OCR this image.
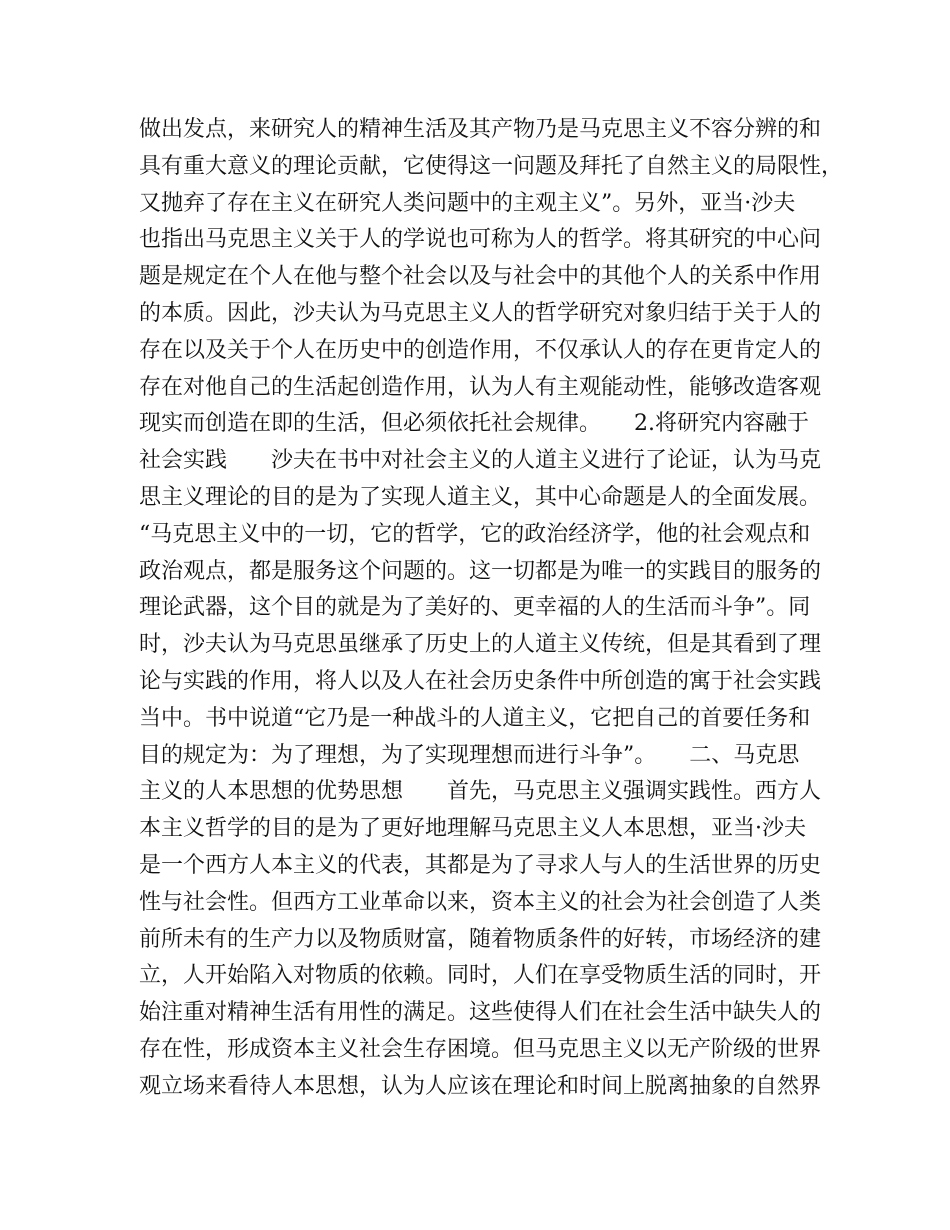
做出发点，来研究人的精神生活及其产物乃是马克思主义不容分辨的和
具有重大意义的理论贡献，它使得这一问题及拜托了自然主义的局限性，
又抛弃了存在主义在研究人类问题中的主观主义”。另外，亚当·沙夫
也指出马克思主义关于人的学说也可称为人的哲学。将其研究的中心问
题是规定在个人在他与整个社会以及与社会中的其他个人的关系中作用
的本质。因此，沙夫认为马克思主义人的哲学研究对象归结于关于人的
存在以及关于个人在历史中的创造作用，不仅承认人的存在更肯定人的
存在对他自己的生活起创造作用，认为人有主观能动性，能够改造客观
现实而创造在即的生活，但必须依托社会规律。　　2.将研究内容融于
社会实践　　沙夫在书中对社会主义的人道主义进行了论证，认为马克
思主义理论的目的是为了实现人道主义，其中心命题是人的全面发展。
“马克思主义中的一切，它的哲学，它的政治经济学，他的社会观点和
政治观点，都是服务这个问题的。这一切都是为唯一的实践目的服务的
理论武器，这个目的就是为了美好的、更幸福的人的生活而斗争”。同
时，沙夫认为马克思虽继承了历史上的人道主义传统，但是其看到了理
论与实践的作用，将人以及人在社会历史条件中所创造的寓于社会实践
当中。书中说道“它乃是一种战斗的人道主义，它把自己的首要任务和
目的规定为：为了理想，为了实现理想而进行斗争”。　　二、马克思
主义的人本思想的优势思想　　首先，马克思主义强调实践性。西方人
本主义哲学的目的是为了更好地理解马克思主义人本思想，亚当·沙夫
是一个西方人本主义的代表，其都是为了寻求人与人的生活世界的历史
性与社会性。但西方工业革命以来，资本主义的社会为社会创造了人类
前所未有的生产力以及物质财富，随着物质条件的好转，市场经济的建
立，人开始陷入对物质的依赖。同时，人们在享受物质生活的同时，开
始注重对精神生活有用性的满足。这些使得人们在社会生活中缺失人的
存在性，形成资本主义社会生存困境。但马克思主义以无产阶级的世界
观立场来看待人本思想，认为人应该在理论和时间上脱离抽象的自然界
